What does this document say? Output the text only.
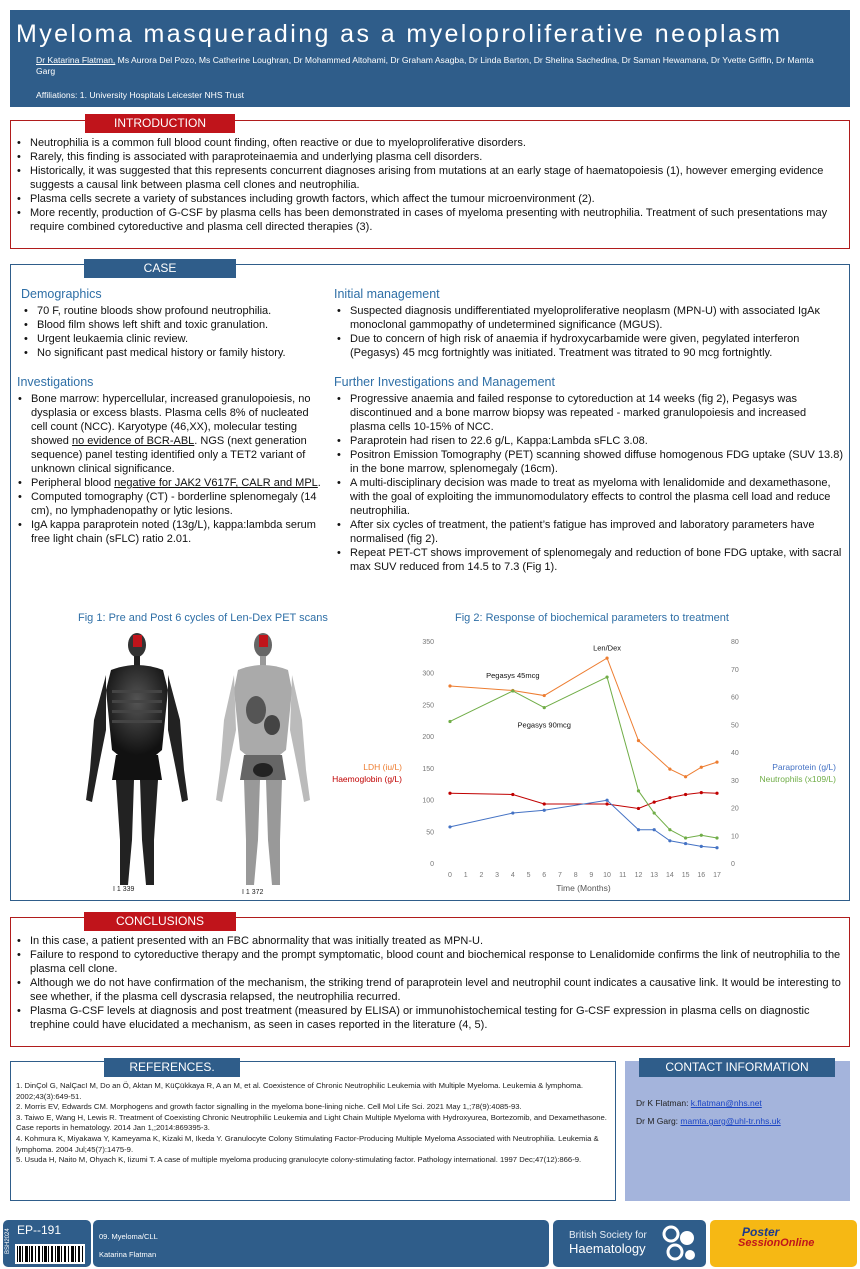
Myeloma masquerading as a myeloproliferative neoplasm
Dr Katarina Flatman, Ms Aurora Del Pozo, Ms Catherine Loughran, Dr Mohammed Altohami, Dr Graham Asagba, Dr Linda Barton, Dr Shelina Sachedina, Dr Saman Hewamana, Dr Yvette Griffin, Dr Mamta Garg
Affiliations: 1. University Hospitals Leicester NHS Trust
INTRODUCTION
• Neutrophilia is a common full blood count finding, often reactive or due to myeloproliferative disorders.
• Rarely, this finding is associated with paraproteinaemia and underlying plasma cell disorders.
• Historically, it was suggested that this represents concurrent diagnoses arising from mutations at an early stage of haematopoiesis (1), however emerging evidence suggests a causal link between plasma cell clones and neutrophilia.
• Plasma cells secrete a variety of substances including growth factors, which affect the tumour microenvironment (2).
• More recently, production of G-CSF by plasma cells has been demonstrated in cases of myeloma presenting with neutrophilia. Treatment of such presentations may require combined cytoreductive and plasma cell directed therapies (3).
CASE
Demographics
• 70 F, routine bloods show profound neutrophilia.
• Blood film shows left shift and toxic granulation.
• Urgent leukaemia clinic review.
• No significant past medical history or family history.
Investigations
• Bone marrow: hypercellular, increased granulopoiesis, no dysplasia or excess blasts. Plasma cells 8% of nucleated cell count (NCC). Karyotype (46,XX), molecular testing showed no evidence of BCR-ABL. NGS (next generation sequence) panel testing identified only a TET2 variant of unknown clinical significance.
• Peripheral blood negative for JAK2 V617F, CALR and MPL.
• Computed tomography (CT) - borderline splenomegaly (14 cm), no lymphadenopathy or lytic lesions.
• IgA kappa paraprotein noted (13g/L), kappa:lambda serum free light chain (sFLC) ratio 2.01.
Initial management
• Suspected diagnosis undifferentiated myeloproliferative neoplasm (MPN-U) with associated IgAκ monoclonal gammopathy of undetermined significance (MGUS).
• Due to concern of high risk of anaemia if hydroxycarbamide were given, pegylated interferon (Pegasys) 45 mcg fortnightly was initiated. Treatment was titrated to 90 mcg fortnightly.
Further Investigations and Management
• Progressive anaemia and failed response to cytoreduction at 14 weeks (fig 2), Pegasys was discontinued and a bone marrow biopsy was repeated - marked granulopoiesis and increased plasma cells 10-15% of NCC.
• Paraprotein had risen to 22.6 g/L, Kappa:Lambda sFLC 3.08.
• Positron Emission Tomography (PET) scanning showed diffuse homogenous FDG uptake (SUV 13.8) in the bone marrow, splenomegaly (16cm).
• A multi-disciplinary decision was made to treat as myeloma with lenalidomide and dexamethasone, with the goal of exploiting the immunomodulatory effects to control the plasma cell load and reduce neutrophilia.
• After six cycles of treatment, the patient’s fatigue has improved and laboratory parameters have normalised (fig 2).
• Repeat PET-CT shows improvement of splenomegaly and reduction of bone FDG uptake, with sacral max SUV reduced from 14.5 to 7.3 (Fig 1).
Fig 1: Pre and Post 6 cycles of Len-Dex PET scans
I 1 339	I 1 372
Fig 2: Response of biochemical parameters to treatment
0
50
100
150
200
250
300
350
0
10
20
30
40
50
60
70
80
0 1 2 3 4 5 6 7 8 9 10 11 12 13 14 15 16 17
Time (Months)
LDH (iu/L)
Haemoglobin (g/L)
Paraprotein (g/L)
Neutrophils (x109/L)
Pegasys 45mcg
Pegasys 90mcg
Len/Dex
CONCLUSIONS
• In this case, a patient presented with an FBC abnormality that was initially treated as MPN-U.
• Failure to respond to cytoreductive therapy and the prompt symptomatic, blood count and biochemical response to Lenalidomide confirms the link of neutrophilia to the plasma cell clone.
• Although we do not have confirmation of the mechanism, the striking trend of paraprotein level and neutrophil count indicates a causative link. It would be interesting to see whether, if the plasma cell dyscrasia relapsed, the neutrophilia recurred.
• Plasma G-CSF levels at diagnosis and post treatment (measured by ELISA) or immunohistochemical testing for G-CSF expression in plasma cells on diagnostic trephine could have elucidated a mechanism, as seen in cases reported in the literature (4, 5).

1. DinÇol G, NalÇacI M, Do an Ö, Aktan M, KüÇükkaya R, A an M, et al. Coexistence of Chronic Neutrophilic Leukemia with Multiple Myeloma. Leukemia & lymphoma. 2002;43(3):649-51.

2. Morris EV, Edwards CM. Morphogens and growth factor signalling in the myeloma bone-lining niche. Cell Mol Life Sci. 2021 May 1,;78(9):4085-93.

3. Taiwo E, Wang H, Lewis R. Treatment of Coexisting Chronic Neutrophilic Leukemia and Light Chain Multiple Myeloma with Hydroxyurea, Bortezomib, and Dexamethasone. Case reports in hematology. 2014 Jan 1,;2014:869395-3.

4. Kohmura K, Miyakawa Y, Kameyama K, Kizaki M, Ikeda Y. Granulocyte Colony Stimulating Factor-Producing Multiple Myeloma Associated with Neutrophilia. Leukemia & lymphoma. 2004 Jul;45(7):1475-9.

5. Usuda H, Naito M, Ohyach K, Iizumi T. A case of multiple myeloma producing granulocyte colony-stimulating factor. Pathology international. 1997 Dec;47(12):866-9.

REFERENCES.

Dr K Flatman: k.flatman@nhs.net

Dr M Garg: mamta.garg@uhl-tr.nhs.uk

CONTACT INFORMATION
BSH2024 EP--191	09. Myeloma/CLL
Katarina Flatman
British Society for
Haematology
Poster
SessionOnline
